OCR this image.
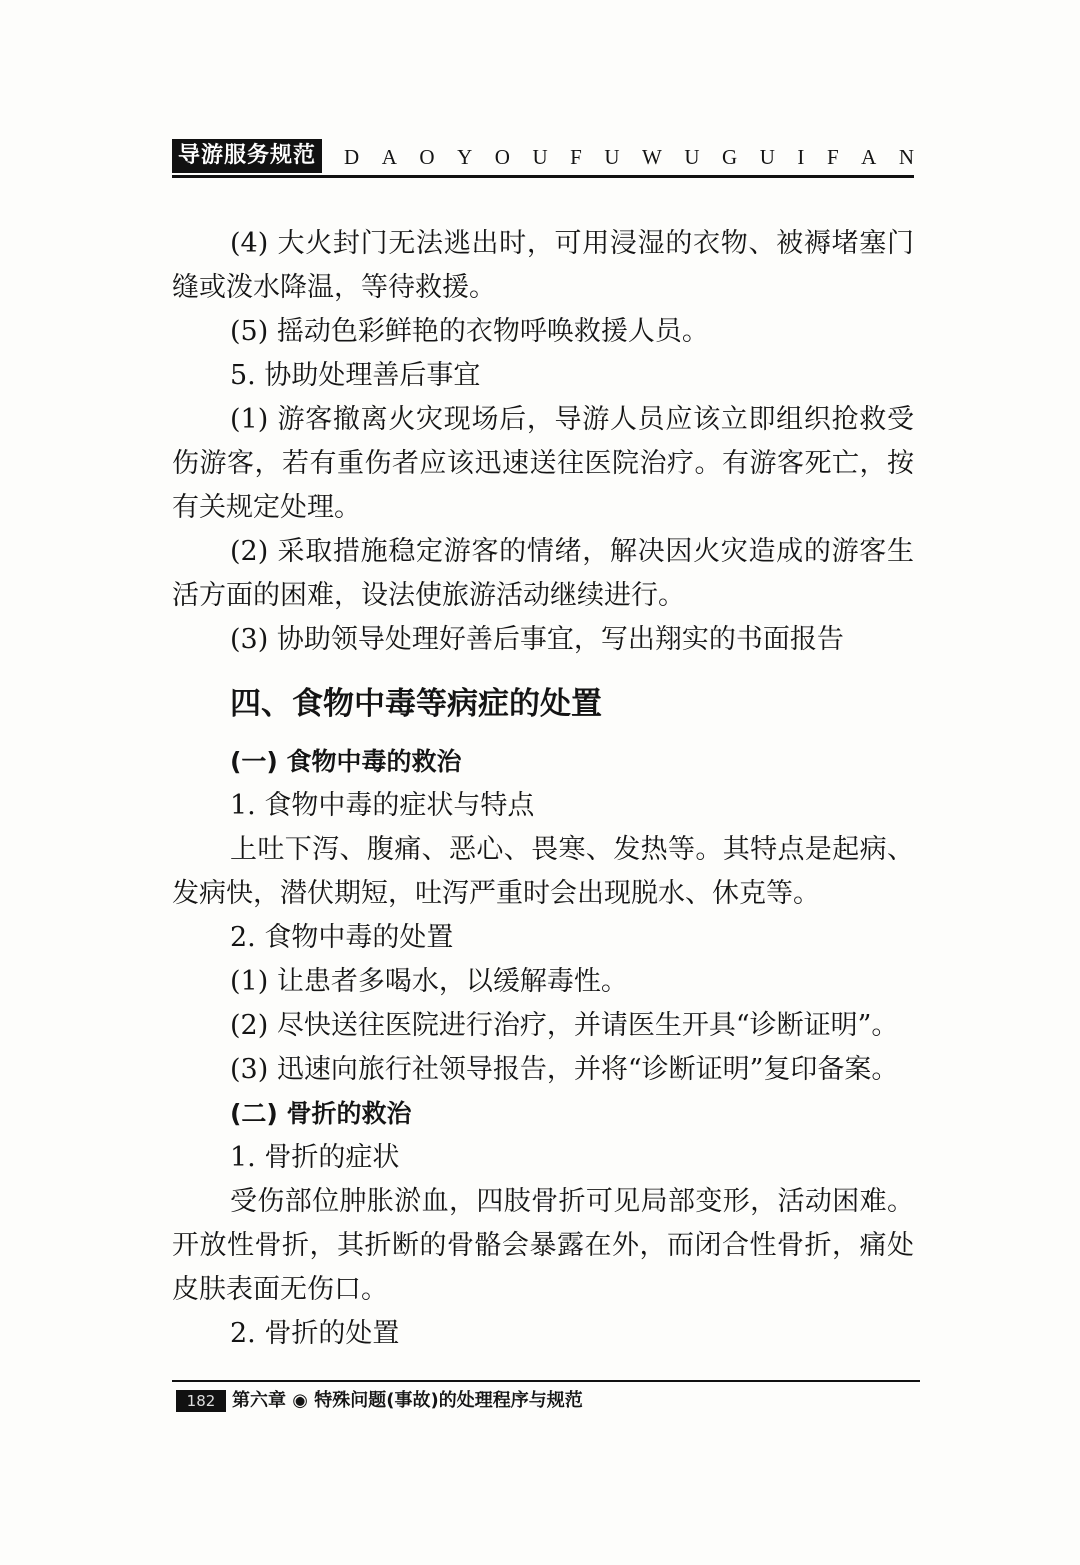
导游服务规范 D A O Y O U F U W U G U I F A N

(4) 大火封门无法逃出时，可用浸湿的衣物、被褥堵塞门缝或泼水降温，等待救援。

(5) 摇动色彩鲜艳的衣物呼唤救援人员。

5. 协助处理善后事宜

(1) 游客撤离火灾现场后，导游人员应该立即组织抢救受伤游客，若有重伤者应该迅速送往医院治疗。有游客死亡，按有关规定处理。

(2) 采取措施稳定游客的情绪，解决因火灾造成的游客生活方面的困难，设法使旅游活动继续进行。

(3) 协助领导处理好善后事宜，写出翔实的书面报告

四、食物中毒等病症的处置

(一) 食物中毒的救治

1. 食物中毒的症状与特点

上吐下泻、腹痛、恶心、畏寒、发热等。其特点是起病、发病快，潜伏期短，吐泻严重时会出现脱水、休克等。

2. 食物中毒的处置

(1) 让患者多喝水，以缓解毒性。

(2) 尽快送往医院进行治疗，并请医生开具“诊断证明”。

(3) 迅速向旅行社领导报告，并将“诊断证明”复印备案。

(二) 骨折的救治

1. 骨折的症状

受伤部位肿胀淤血，四肢骨折可见局部变形，活动困难。开放性骨折，其折断的骨骼会暴露在外，而闭合性骨折，痛处皮肤表面无伤口。

2. 骨折的处置

182 第六章 ◉ 特殊问题(事故)的处理程序与规范
